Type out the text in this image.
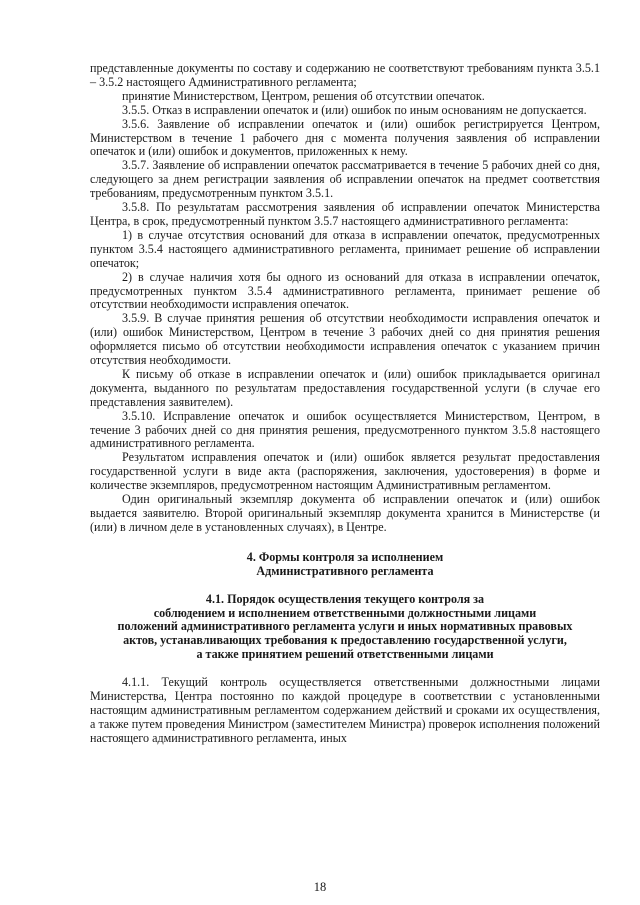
представленные документы по составу и содержанию не соответствуют требованиям пункта 3.5.1 – 3.5.2 настоящего Административного регламента;

принятие Министерством, Центром, решения об отсутствии опечаток.

3.5.5. Отказ в исправлении опечаток и (или) ошибок по иным основаниям не допускается.

3.5.6. Заявление об исправлении опечаток и (или) ошибок регистрируется Центром, Министерством в течение 1 рабочего дня с момента получения заявления об исправлении опечаток и (или) ошибок и документов, приложенных к нему.

3.5.7. Заявление об исправлении опечаток рассматривается в течение 5 рабочих дней со дня, следующего за днем регистрации заявления об исправлении опечаток на предмет соответствия требованиям, предусмотренным пунктом 3.5.1.

3.5.8. По результатам рассмотрения заявления об исправлении опечаток Министерства Центра, в срок, предусмотренный пунктом 3.5.7 настоящего административного регламента:

1) в случае отсутствия оснований для отказа в исправлении опечаток, предусмотренных пунктом 3.5.4 настоящего административного регламента, принимает решение об исправлении опечаток;

2) в случае наличия хотя бы одного из оснований для отказа в исправлении опечаток, предусмотренных пунктом 3.5.4 административного регламента, принимает решение об отсутствии необходимости исправления опечаток.

3.5.9. В случае принятия решения об отсутствии необходимости исправления опечаток и (или) ошибок Министерством, Центром в течение 3 рабочих дней со дня принятия решения оформляется письмо об отсутствии необходимости исправления опечаток с указанием причин отсутствия необходимости.

К письму об отказе в исправлении опечаток и (или) ошибок прикладывается оригинал документа, выданного по результатам предоставления государственной услуги (в случае его представления заявителем).

3.5.10. Исправление опечаток и ошибок осуществляется Министерством, Центром, в течение 3 рабочих дней со дня принятия решения, предусмотренного пунктом 3.5.8 настоящего административного регламента.

Результатом исправления опечаток и (или) ошибок является результат предоставления государственной услуги в виде акта (распоряжения, заключения, удостоверения) в форме и количестве экземпляров, предусмотренном настоящим Административным регламентом.

Один оригинальный экземпляр документа об исправлении опечаток и (или) ошибок выдается заявителю. Второй оригинальный экземпляр документа хранится в Министерстве (и (или) в личном деле в установленных случаях), в Центре.

4. Формы контроля за исполнением
Административного регламента

4.1. Порядок осуществления текущего контроля за
соблюдением и исполнением ответственными должностными лицами
положений административного регламента услуги и иных нормативных правовых
актов, устанавливающих требования к предоставлению государственной услуги,
а также принятием решений ответственными лицами

4.1.1. Текущий контроль осуществляется ответственными должностными лицами Министерства, Центра постоянно по каждой процедуре в соответствии с установленными настоящим административным регламентом содержанием действий и сроками их осуществления, а также путем проведения Министром (заместителем Министра) проверок исполнения положений настоящего административного регламента, иных

18
